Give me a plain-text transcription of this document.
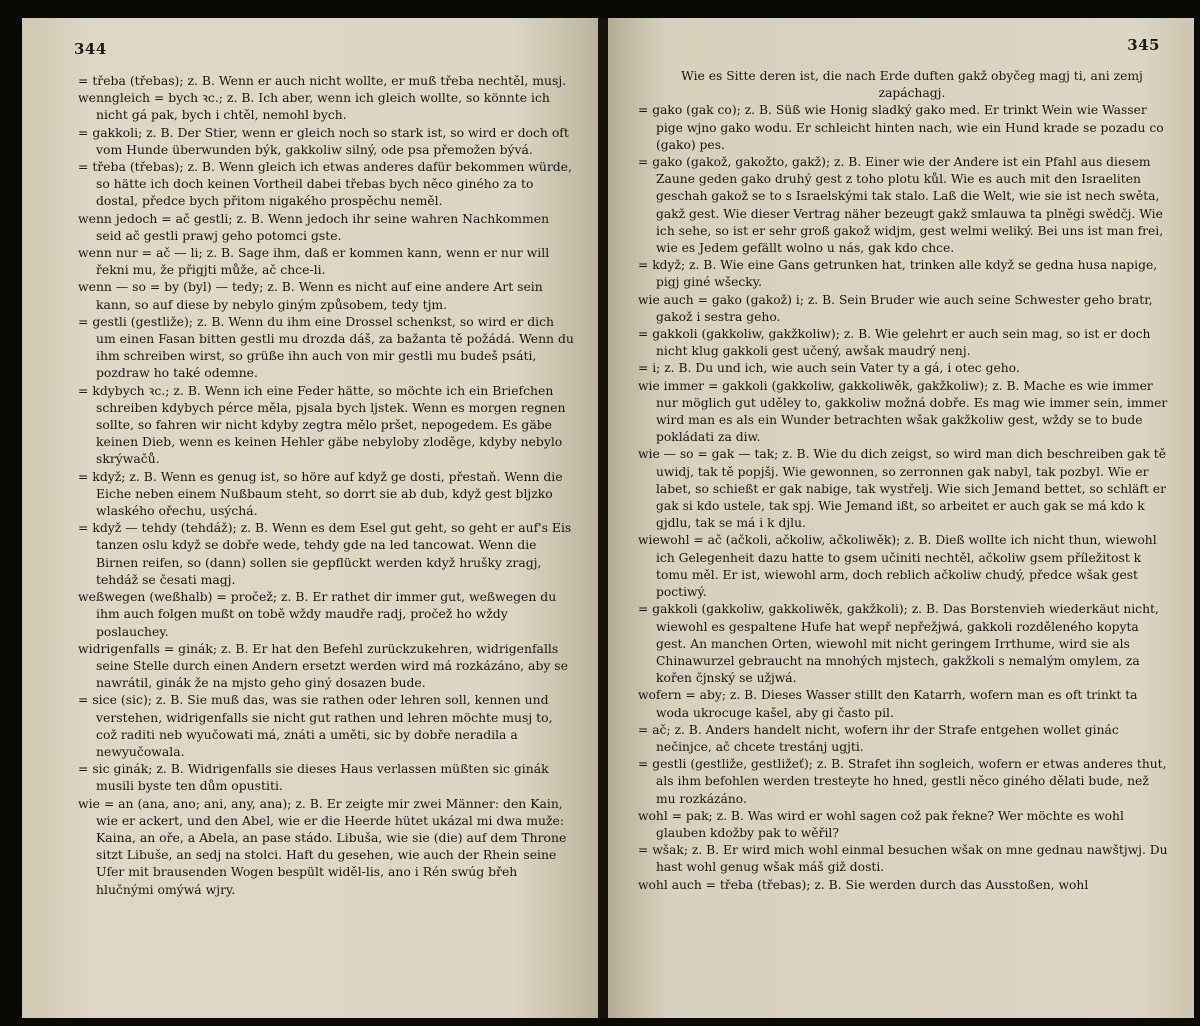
344

= třeba (třebas); z. B. Wenn er auch nicht wollte, er muß třeba nechtěl, musj.

wenngleich = bych ꝛc.; z. B. Ich aber, wenn ich gleich wollte, so könnte ich nicht gá pak, bych i chtěl, nemohl bych.

= gakkoli; z. B. Der Stier, wenn er gleich noch so stark ist, so wird er doch oft vom Hunde überwunden býk, gakkoliw silný, ode psa přemožen bývá.

= třeba (třebas); z. B. Wenn gleich ich etwas anderes dafür bekommen würde, so hätte ich doch keinen Vortheil dabei třebas bych něco giného za to dostal, předce bych přitom nigakého prospěchu neměl.

wenn jedoch = ač gestli; z. B. Wenn jedoch ihr seine wahren Nachkommen seid ač gestli prawj geho potomci gste.

wenn nur = ač — li; z. B. Sage ihm, daß er kommen kann, wenn er nur will řekni mu, že přigjti může, ač chce-li.

wenn — so = by (byl) — tedy; z. B. Wenn es nicht auf eine andere Art sein kann, so auf diese by nebylo giným způsobem, tedy tjm.

= gestli (gestliže); z. B. Wenn du ihm eine Drossel schenkst, so wird er dich um einen Fasan bitten gestli mu drozda dáš, za bažanta tě požádá. Wenn du ihm schreiben wirst, so grüße ihn auch von mir gestli mu budeš psáti, pozdraw ho také odemne.

= kdybych ꝛc.; z. B. Wenn ich eine Feder hätte, so möchte ich ein Briefchen schreiben kdybych pérce měla, pjsala bych ljstek. Wenn es morgen regnen sollte, so fahren wir nicht kdyby zegtra mělo pršet, nepogedem. Es gäbe keinen Dieb, wenn es keinen Hehler gäbe nebyloby zloděge, kdyby nebylo skrýwačů.

= když; z. B. Wenn es genug ist, so höre auf když ge dosti, přestaň. Wenn die Eiche neben einem Nußbaum steht, so dorrt sie ab dub, když gest bljzko wlaského ořechu, usýchá.

= když — tehdy (tehdáž); z. B. Wenn es dem Esel gut geht, so geht er auf's Eis tanzen oslu když se dobře wede, tehdy gde na led tancowat. Wenn die Birnen reifen, so (dann) sollen sie gepflückt werden když hrušky zragj, tehdáž se česati magj.

weßwegen (weßhalb) = pročež; z. B. Er rathet dir immer gut, weßwegen du ihm auch folgen mußt on tobě wždy maudře radj, pročež ho wždy poslauchey.

widrigenfalls = ginák; z. B. Er hat den Befehl zurückzukehren, widrigenfalls seine Stelle durch einen Andern ersetzt werden wird má rozkázáno, aby se nawrátil, ginák že na mjsto geho giný dosazen bude.

= sice (sic); z. B. Sie muß das, was sie rathen oder lehren soll, kennen und verstehen, widrigenfalls sie nicht gut rathen und lehren möchte musj to, což raditi neb wyučowati má, znáti a uměti, sic by dobře neradila a newyučowala.

= sic ginák; z. B. Widrigenfalls sie dieses Haus verlassen müßten sic ginák musili byste ten dům opustiti.

wie = an (ana, ano; ani, any, ana); z. B. Er zeigte mir zwei Männer: den Kain, wie er ackert, und den Abel, wie er die Heerde hütet ukázal mi dwa muže: Kaina, an oře, a Abela, an pase stádo. Libuša, wie sie (die) auf dem Throne sitzt Libuše, an sedj na stolci. Haft du gesehen, wie auch der Rhein seine Ufer mit brausenden Wogen bespült widěl-lis, ano i Rén swúg břeh hlučnými omýwá wjry.

345

Wie es Sitte deren ist, die nach Erde duften gakž obyčeg magj ti, ani zemj zapáchagj.

= gako (gak co); z. B. Süß wie Honig sladký gako med. Er trinkt Wein wie Wasser pige wjno gako wodu. Er schleicht hinten nach, wie ein Hund krade se pozadu co (gako) pes.

= gako (gakož, gakožto, gakž); z. B. Einer wie der Andere ist ein Pfahl aus diesem Zaune geden gako druhý gest z toho plotu kůl. Wie es auch mit den Israeliten geschah gakož se to s Israelskými tak stalo. Laß die Welt, wie sie ist nech swěta, gakž gest. Wie dieser Vertrag näher bezeugt gakž smlauwa ta plněgi swědčj. Wie ich sehe, so ist er sehr groß gakož widjm, gest welmi weliký. Bei uns ist man frei, wie es Jedem gefällt wolno u nás, gak kdo chce.

= když; z. B. Wie eine Gans getrunken hat, trinken alle když se gedna husa napige, pigj giné wšecky.

wie auch = gako (gakož) i; z. B. Sein Bruder wie auch seine Schwester geho bratr, gakož i sestra geho.

= gakkoli (gakkoliw, gakžkoliw); z. B. Wie gelehrt er auch sein mag, so ist er doch nicht klug gakkoli gest učený, awšak maudrý nenj.

= i; z. B. Du und ich, wie auch sein Vater ty a gá, i otec geho.

wie immer = gakkoli (gakkoliw, gakkoliwěk, gakžkoliw); z. B. Mache es wie immer nur möglich gut uděley to, gakkoliw možná dobře. Es mag wie immer sein, immer wird man es als ein Wunder betrachten wšak gakžkoliw gest, wždy se to bude pokládati za diw.

wie — so = gak — tak; z. B. Wie du dich zeigst, so wird man dich beschreiben gak tě uwidj, tak tě popjšj. Wie gewonnen, so zerronnen gak nabyl, tak pozbyl. Wie er labet, so schießt er gak nabige, tak wystřelj. Wie sich Jemand bettet, so schläft er gak si kdo ustele, tak spj. Wie Jemand ißt, so arbeitet er auch gak se má kdo k gjdlu, tak se má i k djlu.

wiewohl = ač (ačkoli, ačkoliw, ačkoliwěk); z. B. Dieß wollte ich nicht thun, wiewohl ich Gelegenheit dazu hatte to gsem učiniti nechtěl, ačkoliw gsem příležitost k tomu měl. Er ist, wiewohl arm, doch reblich ačkoliw chudý, předce wšak gest poctiwý.

= gakkoli (gakkoliw, gakkoliwěk, gakžkoli); z. B. Das Borstenvieh wiederkäut nicht, wiewohl es gespaltene Hufe hat wepř nepřežjwá, gakkoli rozděleného kopyta gest. An manchen Orten, wiewohl mit nicht geringem Irrthume, wird sie als Chinawurzel gebraucht na mnohých mjstech, gakžkoli s nemalým omylem, za kořen čjnský se užjwá.

wofern = aby; z. B. Dieses Wasser stillt den Katarrh, wofern man es oft trinkt ta woda ukrocuge kašel, aby gi často pil.

= ač; z. B. Anders handelt nicht, wofern ihr der Strafe entgehen wollet ginác nečinjce, ač chcete trestánj ugjti.

= gestli (gestliže, gestližeť); z. B. Strafet ihn sogleich, wofern er etwas anderes thut, als ihm befohlen werden tresteyte ho hned, gestli něco giného dělati bude, než mu rozkázáno.

wohl = pak; z. B. Was wird er wohl sagen což pak řekne? Wer möchte es wohl glauben kdožby pak to wěřil?

= wšak; z. B. Er wird mich wohl einmal besuchen wšak on mne gednau nawštjwj. Du hast wohl genug wšak máš giž dosti.

wohl auch = třeba (třebas); z. B. Sie werden durch das Ausstoßen, wohl
